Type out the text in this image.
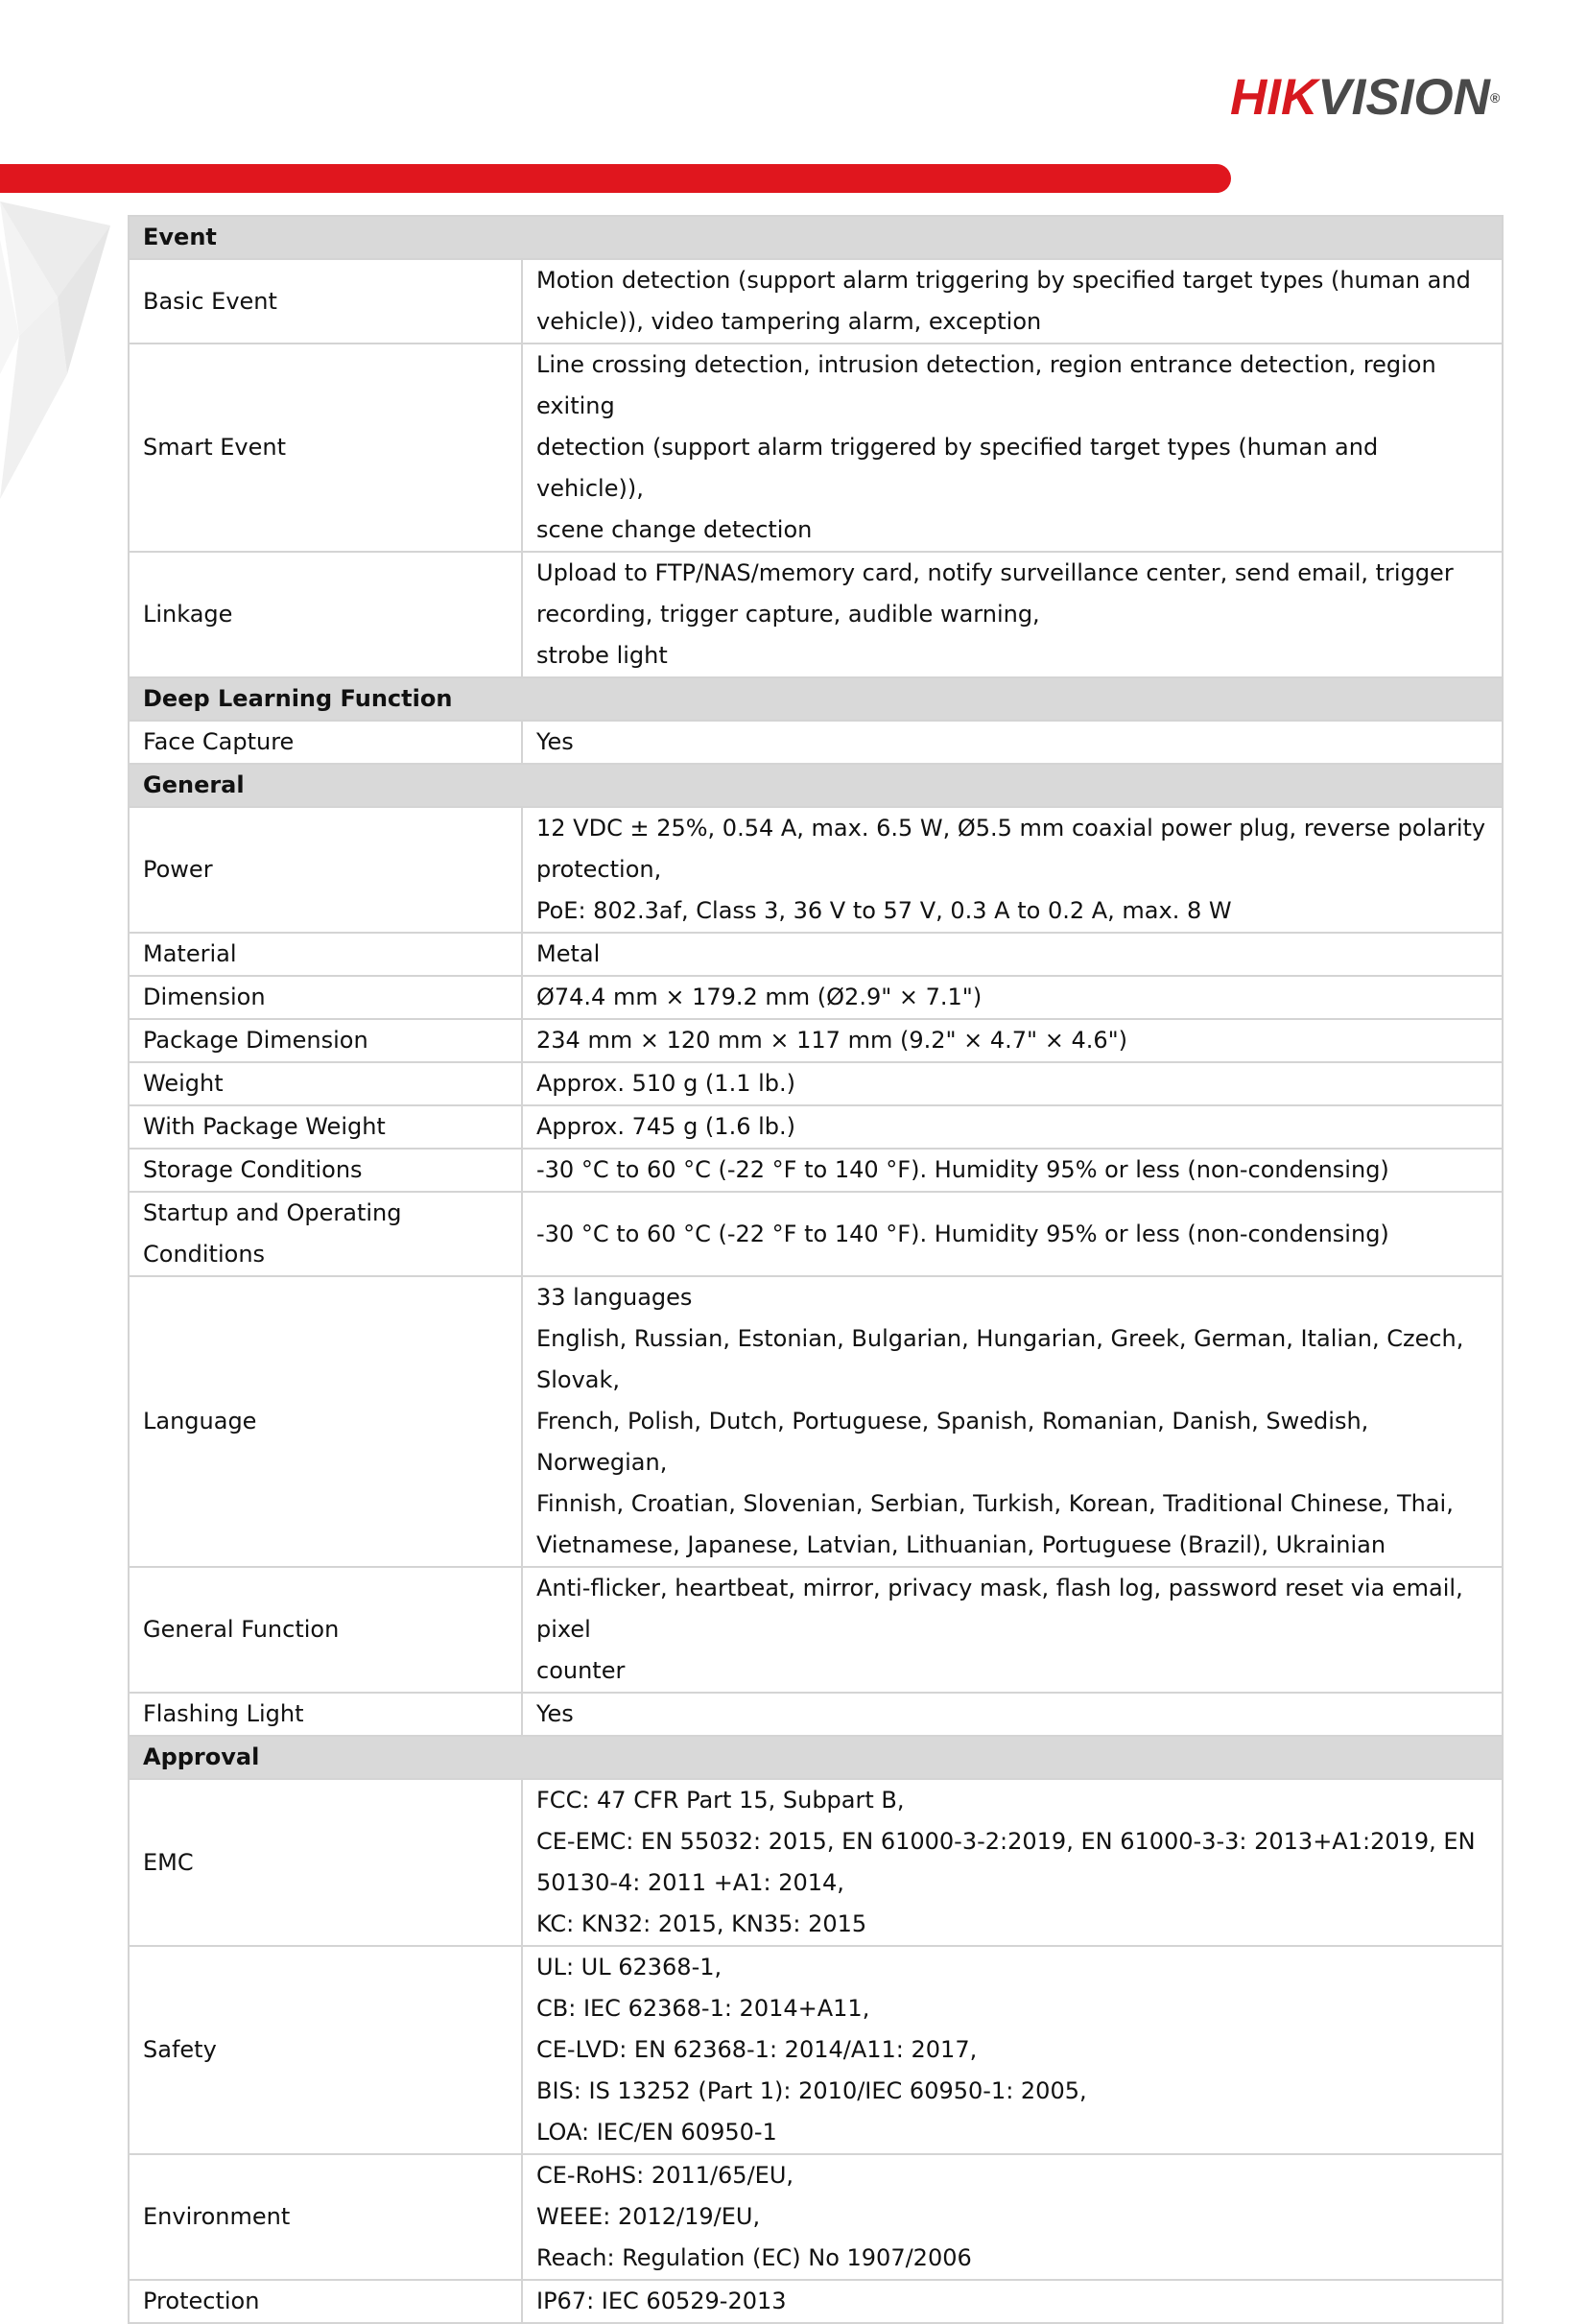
HIKVISION®
Event	
Basic Event	Motion detection (support alarm triggering by specified target types (human and
vehicle)), video tampering alarm, exception

Smart Event	Line crossing detection, intrusion detection, region entrance detection, region exiting
detection (support alarm triggered by specified target types (human and vehicle)),
scene change detection

Linkage	Upload to FTP/NAS/memory card, notify surveillance center, send email, trigger
recording, trigger capture, audible warning,
strobe light

Deep Learning Function	
Face Capture	Yes

General	
Power	12 VDC ± 25%, 0.54 A, max. 6.5 W, Ø5.5 mm coaxial power plug, reverse polarity
protection,
PoE: 802.3af, Class 3, 36 V to 57 V, 0.3 A to 0.2 A, max. 8 W

Material	Metal

Dimension	Ø74.4 mm × 179.2 mm (Ø2.9" × 7.1")

Package Dimension	234 mm × 120 mm × 117 mm (9.2" × 4.7" × 4.6")

Weight	Approx. 510 g (1.1 lb.)

With Package Weight	Approx. 745 g (1.6 lb.)

Storage Conditions	-30 °C to 60 °C (-22 °F to 140 °F). Humidity 95% or less (non-condensing)

Startup and Operating Conditions	-30 °C to 60 °C (-22 °F to 140 °F). Humidity 95% or less (non-condensing)

Language	33 languages
English, Russian, Estonian, Bulgarian, Hungarian, Greek, German, Italian, Czech, Slovak,
French, Polish, Dutch, Portuguese, Spanish, Romanian, Danish, Swedish, Norwegian,
Finnish, Croatian, Slovenian, Serbian, Turkish, Korean, Traditional Chinese, Thai,
Vietnamese, Japanese, Latvian, Lithuanian, Portuguese (Brazil), Ukrainian

General Function	Anti-flicker, heartbeat, mirror, privacy mask, flash log, password reset via email, pixel
counter

Flashing Light	Yes

Approval	
EMC	FCC: 47 CFR Part 15, Subpart B,
CE-EMC: EN 55032: 2015, EN 61000-3-2:2019, EN 61000-3-3: 2013+A1:2019, EN
50130-4: 2011 +A1: 2014,
KC: KN32: 2015, KN35: 2015

Safety	UL: UL 62368-1,
CB: IEC 62368-1: 2014+A11,
CE-LVD: EN 62368-1: 2014/A11: 2017,
BIS: IS 13252 (Part 1): 2010/IEC 60950-1: 2005,
LOA: IEC/EN 60950-1

Environment	CE-RoHS: 2011/65/EU,
WEEE: 2012/19/EU,
Reach: Regulation (EC) No 1907/2006

Protection	IP67: IEC 60529-2013
